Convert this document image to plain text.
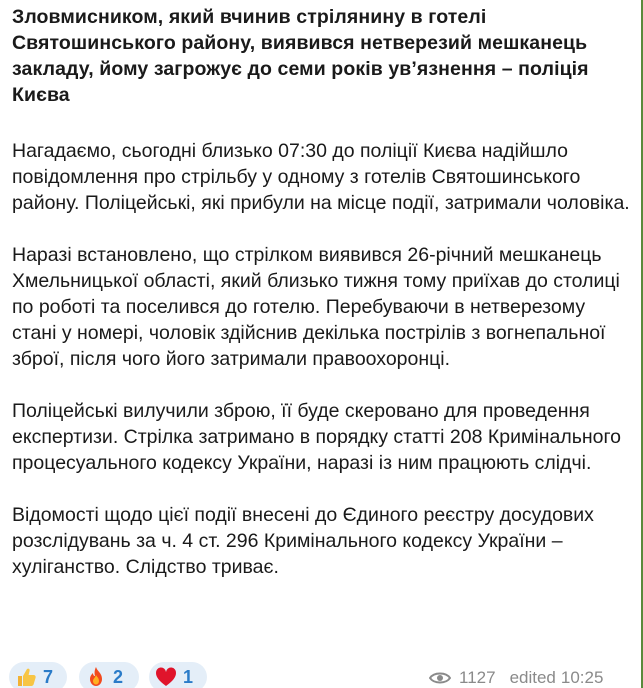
Зловмисником, який вчинив стрілянину в готелі Святошинського району, виявився нетверезий мешканець закладу, йому загрожує до семи років ув’язнення – поліція Києва

Нагадаємо, сьогодні близько 07:30 до поліції Києва надійшло повідомлення про стрільбу у одному з готелів Святошинського району. Поліцейські, які прибули на місце події, затримали чоловіка.

Наразі встановлено, що стрілком виявився 26-річний мешканець Хмельницької області, який близько тижня тому приїхав до столиці по роботі та поселився до готелю. Перебуваючи в нетверезому стані у номері, чоловік здійснив декілька пострілів з вогнепальної зброї, після чого його затримали правоохоронці.

Поліцейські вилучили зброю, її буде скеровано для проведення експертизи. Стрілка затримано в порядку статті 208 Кримінального процесуального кодексу України, наразі із ним працюють слідчі.

Відомості щодо цієї події внесені до Єдиного реєстру досудових розслідувань за ч. 4 ст. 296 Кримінального кодексу України – хуліганство. Слідство триває.

7	2	1	1127 edited 10:25
